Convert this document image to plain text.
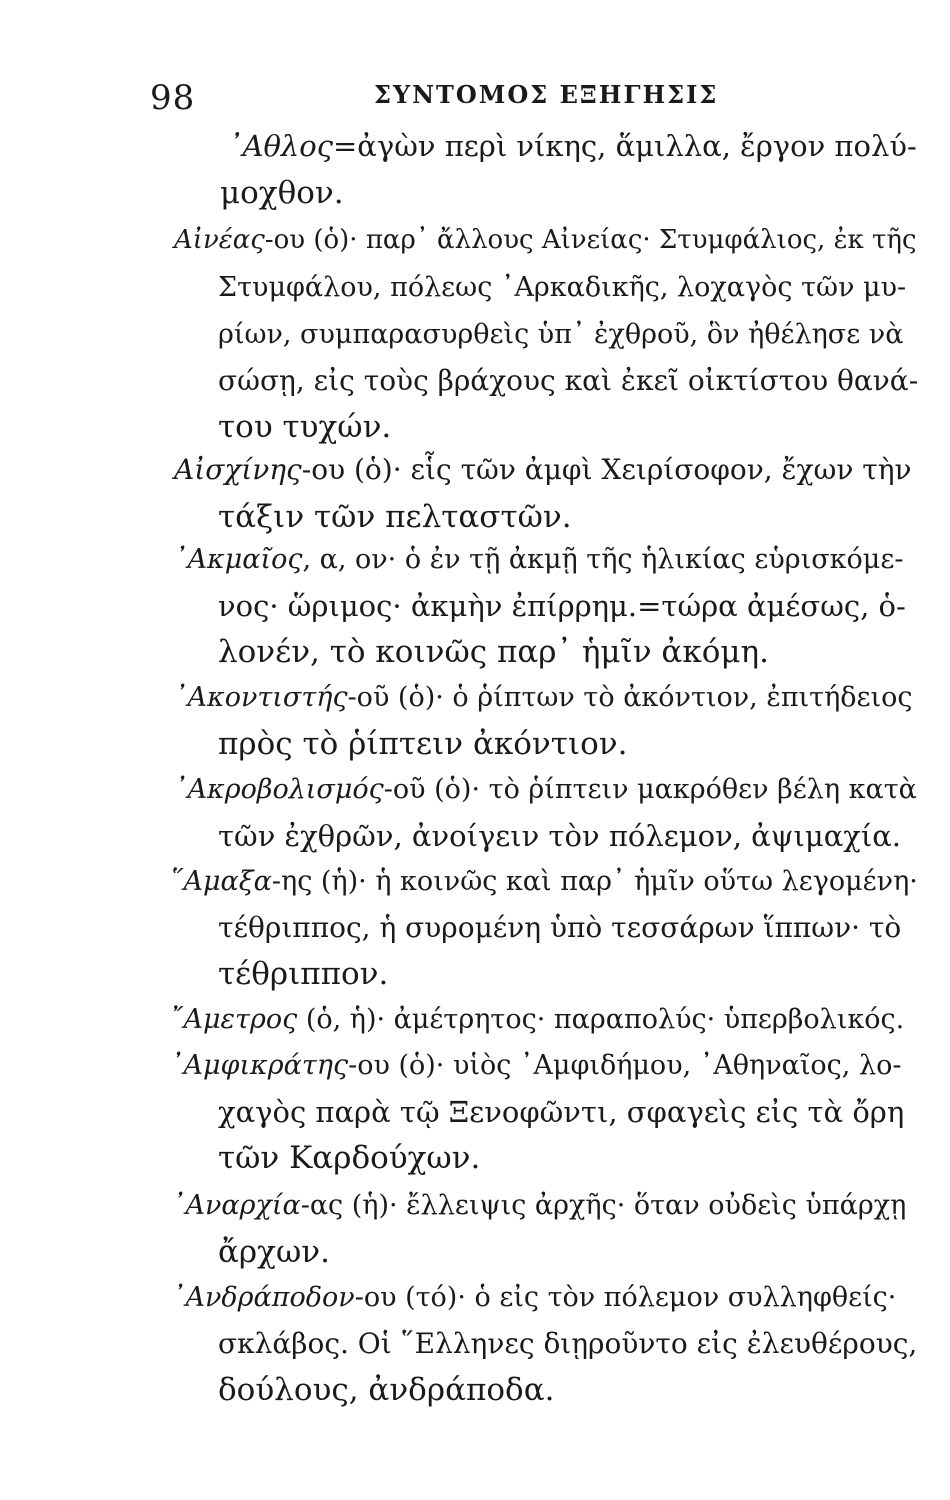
98	ΣΥΝΤΟΜΟΣ ΕΞΗΓΗΣΙΣ
᾿Αθλος=ἀγὼν περὶ νίκης, ἅμιλλα, ἔργον πολύ-
μοχθον.
Αἰνέας-ου (ὁ)· παρ᾽ ἄλλους Αἰνείας· Στυμφάλιος, ἐκ τῆς
Στυμφάλου, πόλεως ᾿Αρκαδικῆς, λοχαγὸς τῶν μυ-
ρίων, συμπαρασυρθεὶς ὑπ᾽ ἐχθροῦ, ὃν ἠθέλησε νὰ
σώσῃ, εἰς τοὺς βράχους καὶ ἐκεῖ οἰκτίστου θανά-
του τυχών.
Αἰσχίνης-ου (ὁ)· εἷς τῶν ἀμφὶ Χειρίσοφον, ἔχων τὴν
τάξιν τῶν πελταστῶν.
᾿Ακμαῖος, α, ον· ὁ ἐν τῇ ἀκμῇ τῆς ἡλικίας εὑρισκόμε-
νος· ὥριμος· ἀκμὴν ἐπίρρημ.=τώρα ἀμέσως, ὁ-
λονέν, τὸ κοινῶς παρ᾽ ἡμῖν ἀκόμη.
᾿Ακοντιστής-οῦ (ὁ)· ὁ ῥίπτων τὸ ἀκόντιον, ἐπιτήδειος
πρὸς τὸ ῥίπτειν ἀκόντιον.
᾿Ακροβολισμός-οῦ (ὁ)· τὸ ῥίπτειν μακρόθεν βέλη κατὰ
τῶν ἐχθρῶν, ἀνοίγειν τὸν πόλεμον, ἀψιμαχία.
῞Αμαξα-ης (ἡ)· ἡ κοινῶς καὶ παρ᾽ ἡμῖν οὕτω λεγομένη·
τέθριππος, ἡ συρομένη ὑπὸ τεσσάρων ἵππων· τὸ
τέθριππον.
῎Αμετρος (ὁ, ἡ)· ἀμέτρητος· παραπολύς· ὑπερβολικός.
᾿Αμφικράτης-ου (ὁ)· υἱὸς ᾿Αμφιδήμου, ᾿Αθηναῖος, λο-
χαγὸς παρὰ τῷ Ξενοφῶντι, σφαγεὶς εἰς τὰ ὄρη
τῶν Καρδούχων.
᾿Αναρχία-ας (ἡ)· ἔλλειψις ἀρχῆς· ὅταν οὐδεὶς ὑπάρχῃ
ἄρχων.
᾿Ανδράποδον-ου (τό)· ὁ εἰς τὸν πόλεμον συλληφθείς·
σκλάβος. Οἱ ῞Ελληνες διῃροῦντο εἰς ἐλευθέρους,
δούλους, ἀνδράποδα.
